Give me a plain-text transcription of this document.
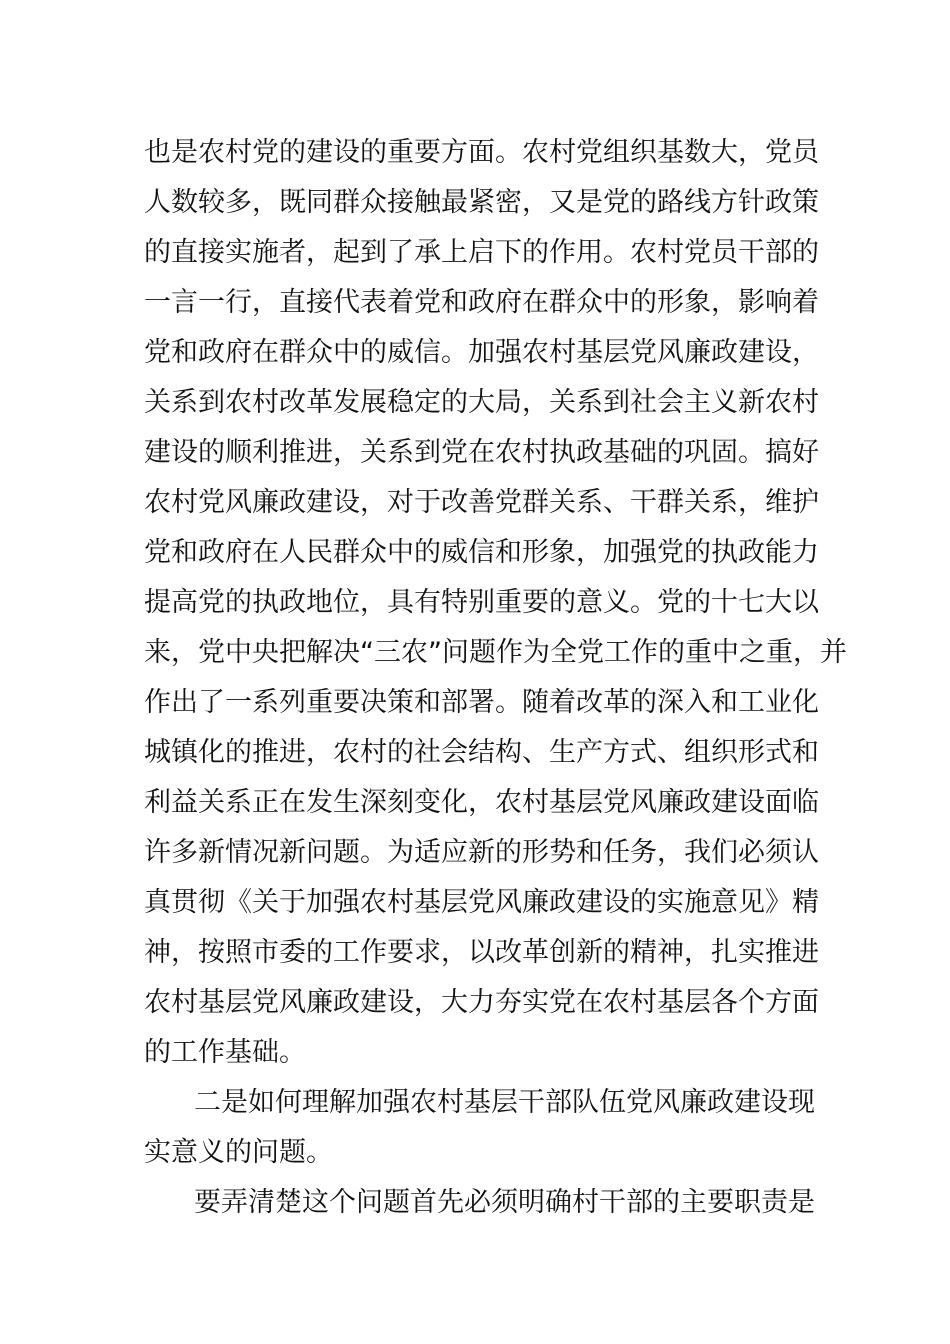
也是农村党的建设的重要方面。农村党组织基数大，党员
人数较多，既同群众接触最紧密，又是党的路线方针政策
的直接实施者，起到了承上启下的作用。农村党员干部的
一言一行，直接代表着党和政府在群众中的形象，影响着
党和政府在群众中的威信。加强农村基层党风廉政建设，
关系到农村改革发展稳定的大局，关系到社会主义新农村
建设的顺利推进，关系到党在农村执政基础的巩固。搞好
农村党风廉政建设，对于改善党群关系、干群关系，维护
党和政府在人民群众中的威信和形象，加强党的执政能力
提高党的执政地位，具有特别重要的意义。党的十七大以
来，党中央把解决“三农”问题作为全党工作的重中之重，并
作出了一系列重要决策和部署。随着改革的深入和工业化
城镇化的推进，农村的社会结构、生产方式、组织形式和
利益关系正在发生深刻变化，农村基层党风廉政建设面临
许多新情况新问题。为适应新的形势和任务，我们必须认
真贯彻《关于加强农村基层党风廉政建设的实施意见》精
神，按照市委的工作要求，以改革创新的精神，扎实推进
农村基层党风廉政建设，大力夯实党在农村基层各个方面
的工作基础。
二是如何理解加强农村基层干部队伍党风廉政建设现
实意义的问题。
要弄清楚这个问题首先必须明确村干部的主要职责是
